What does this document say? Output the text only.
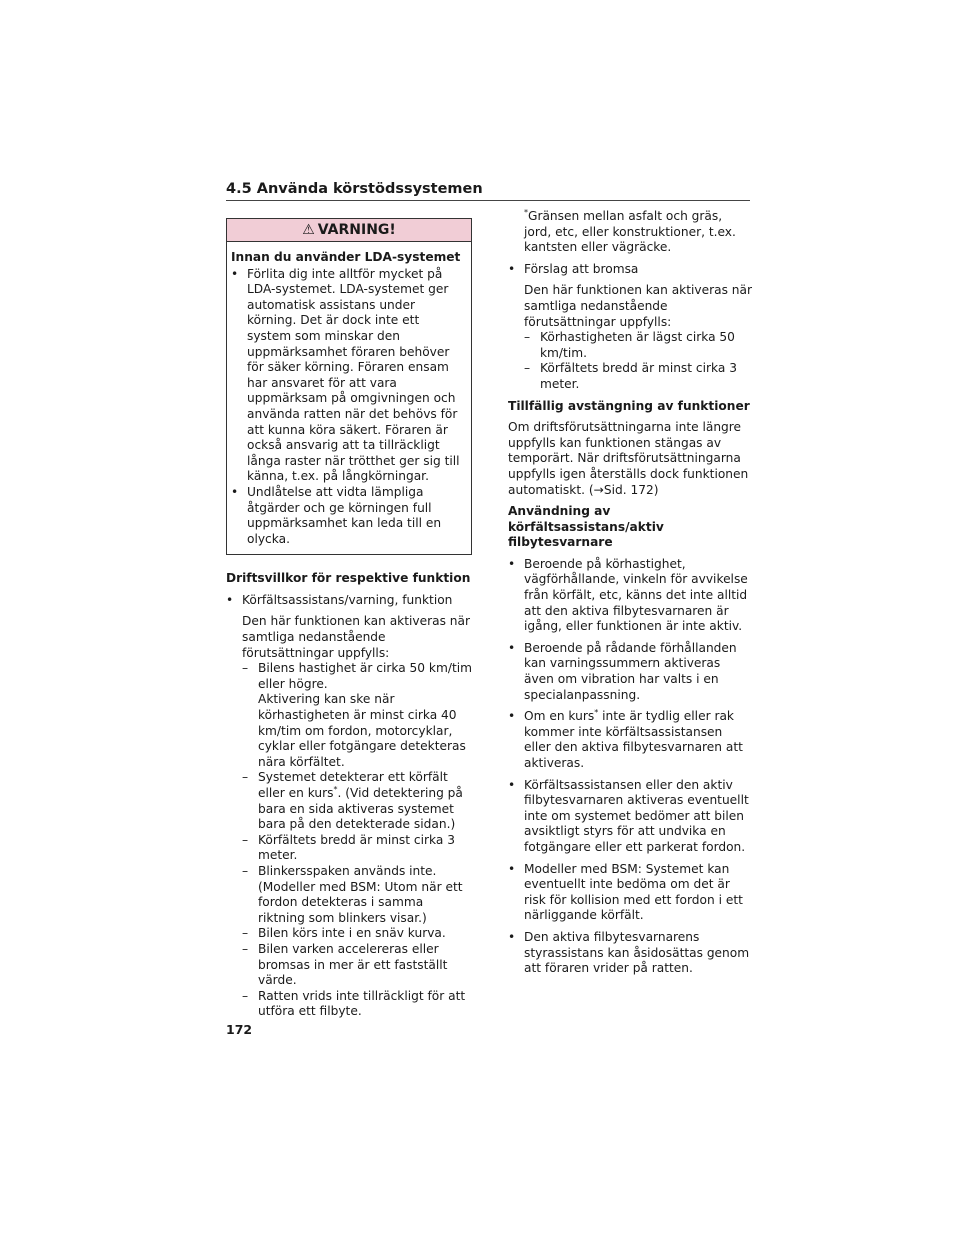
4.5 Använda körstödssystemen
⚠ VARNING!

Innan du använder LDA-systemet

• Förlita dig inte alltför mycket på LDA-systemet. LDA-systemet ger automatisk assistans under körning. Det är dock inte ett system som minskar den uppmärksamhet föraren behöver för säker körning. Föraren ensam har ansvaret för att vara uppmärksam på omgivningen och använda ratten när det behövs för att kunna köra säkert. Föraren är också ansvarig att ta tillräckligt långa raster när trötthet ger sig till känna, t.ex. på långkörningar.
• Undlåtelse att vidta lämpliga åtgärder och ge körningen full uppmärksamhet kan leda till en olycka.

Driftsvillkor för respektive funktion

• Körfältsassistans/varning, funktion

Den här funktionen kan aktiveras när samtliga nedanstående förutsättningar uppfylls:

– Bilens hastighet är cirka 50 km/tim eller högre.
Aktivering kan ske när körhastigheten är minst cirka 40 km/tim om fordon, motorcyklar, cyklar eller fotgängare detekteras nära körfältet.
– Systemet detekterar ett körfält eller en kurs*. (Vid detektering på bara en sida aktiveras systemet bara på den detekterade sidan.)
– Körfältets bredd är minst cirka 3 meter.
– Blinkersspaken används inte. (Modeller med BSM: Utom när ett fordon detekteras i samma riktning som blinkers visar.)
– Bilen körs inte i en snäv kurva.
– Bilen varken accelereras eller bromsas in mer är ett fastställt värde.
– Ratten vrids inte tillräckligt för att utföra ett filbyte.

*Gränsen mellan asfalt och gräs, jord, etc, eller konstruktioner, t.ex. kantsten eller vägräcke.

• Förslag att bromsa

Den här funktionen kan aktiveras när samtliga nedanstående förutsättningar uppfylls:

– Körhastigheten är lägst cirka 50 km/tim.
– Körfältets bredd är minst cirka 3 meter.

Tillfällig avstängning av funktioner

Om driftsförutsättningarna inte längre uppfylls kan funktionen stängas av temporärt. När driftsförutsättningarna uppfylls igen återställs dock funktionen automatiskt. (→Sid. 172)

Användning av körfältsassistans/aktiv filbytesvarnare

• Beroende på körhastighet, vägförhållande, vinkeln för avvikelse från körfält, etc, känns det inte alltid att den aktiva filbytesvarnaren är igång, eller funktionen är inte aktiv.
• Beroende på rådande förhållanden kan varningssummern aktiveras även om vibration har valts i en specialanpassning.
• Om en kurs* inte är tydlig eller rak kommer inte körfältsassistansen eller den aktiva filbytesvarnaren att aktiveras.
• Körfältsassistansen eller den aktiv filbytesvarnaren aktiveras eventuellt inte om systemet bedömer att bilen avsiktligt styrs för att undvika en fotgängare eller ett parkerat fordon.
• Modeller med BSM: Systemet kan eventuellt inte bedöma om det är risk för kollision med ett fordon i ett närliggande körfält.
• Den aktiva filbytesvarnarens styrassistans kan åsidosättas genom att föraren vrider på ratten.
172
